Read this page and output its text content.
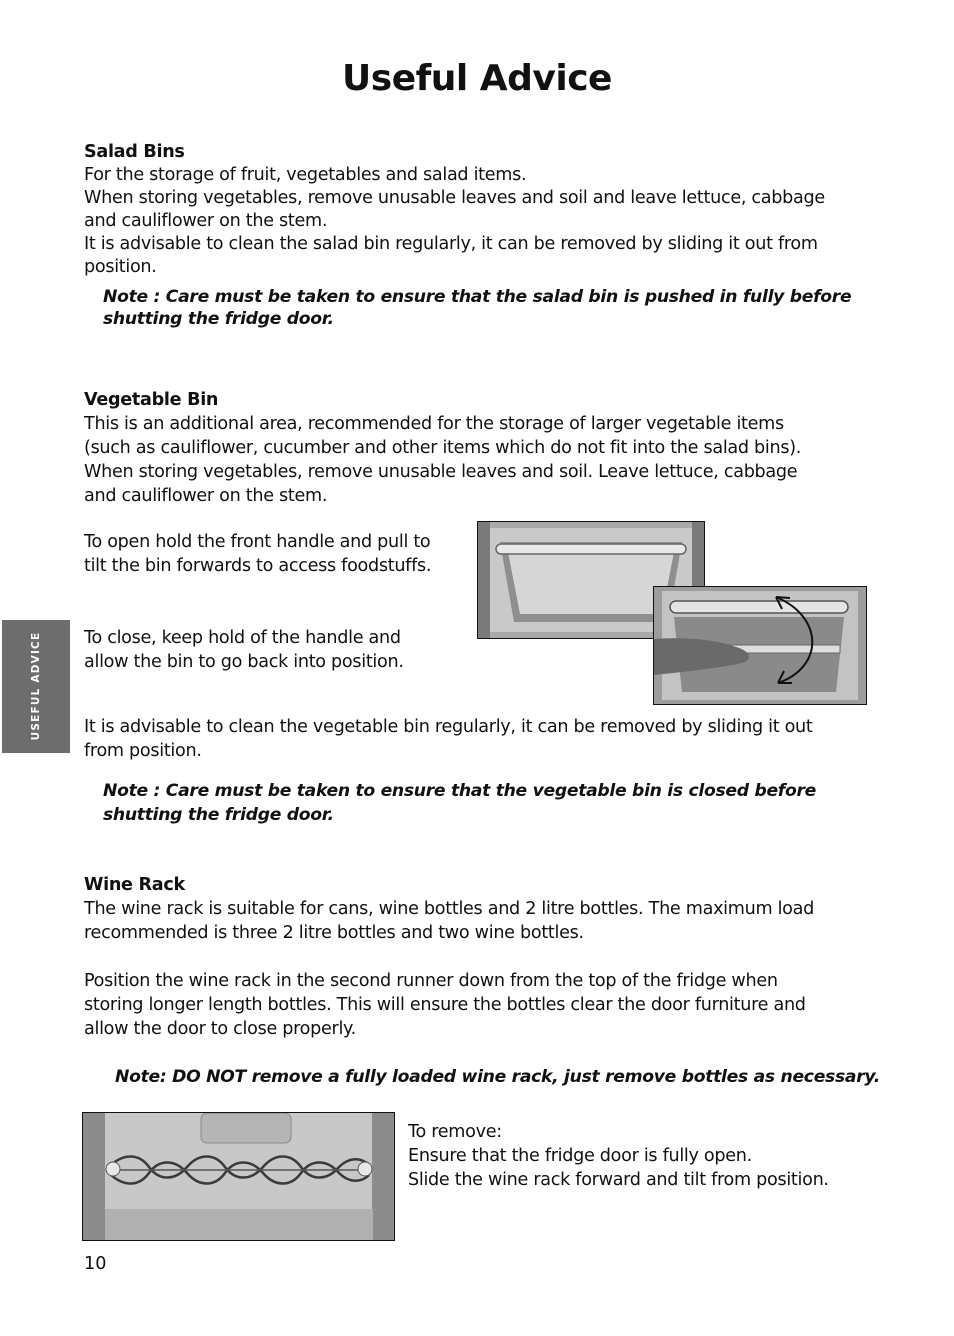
Useful Advice
Salad Bins
For the storage of fruit, vegetables and salad items.
When storing vegetables, remove unusable leaves and soil and leave lettuce, cabbage
and cauliflower on the stem.
It is advisable to clean the salad bin regularly, it can be removed by sliding it out from
position.
Note : Care must be taken to ensure that the salad bin is pushed in fully before
shutting the fridge door.
Vegetable Bin
This is an additional area, recommended for the storage of larger vegetable items
(such as cauliflower, cucumber and other items which do not fit into the salad bins).
When storing vegetables, remove unusable leaves and soil. Leave lettuce, cabbage
and cauliflower on the stem.
To open hold the front handle and pull to
tilt the bin forwards to access foodstuffs.
To close, keep hold of the handle and
allow the bin to go back into position.
It is advisable to clean the vegetable bin regularly, it can be removed by sliding it out
from position.
Note : Care must be taken to ensure that the vegetable bin is closed before
shutting the fridge door.
USEFUL ADVICE
Wine Rack
The wine rack is suitable for cans, wine bottles and 2 litre bottles. The maximum load
recommended is three 2 litre bottles and two wine bottles.
Position the wine rack in the second runner down from the top of the fridge when
storing longer length bottles. This will ensure the bottles clear the door furniture and
allow the door to close properly.
Note: DO NOT remove a fully loaded wine rack, just remove bottles as necessary.
To remove:
Ensure that the fridge door is fully open.
Slide the wine rack forward and tilt from position.
10
